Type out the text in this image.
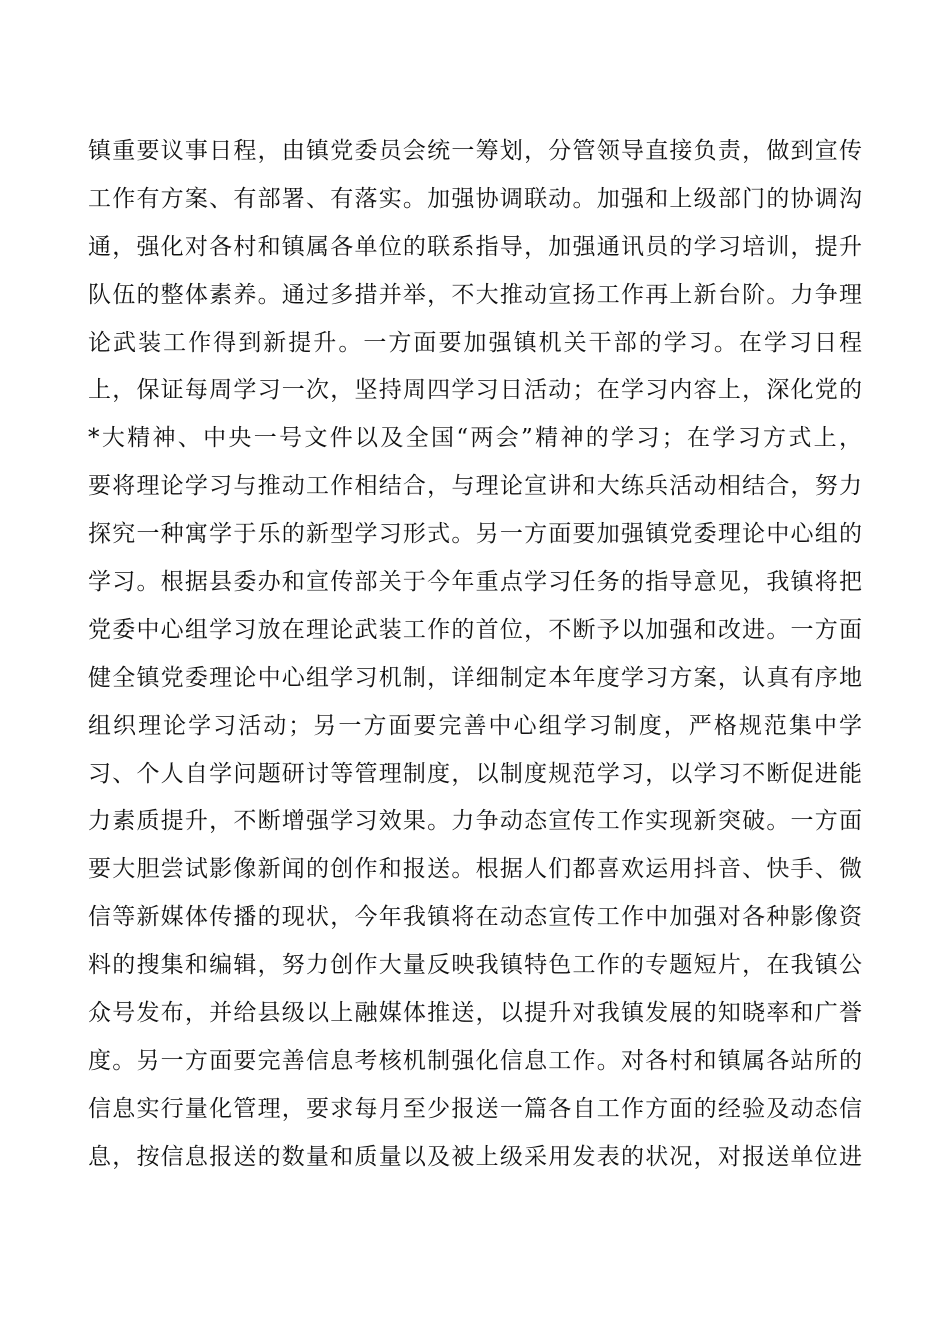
镇重要议事日程，由镇党委员会统一筹划，分管领导直接负责，做到宣传
工作有方案、有部署、有落实。加强协调联动。加强和上级部门的协调沟
通，强化对各村和镇属各单位的联系指导，加强通讯员的学习培训，提升
队伍的整体素养。通过多措并举，不大推动宣扬工作再上新台阶。力争理
论武装工作得到新提升。一方面要加强镇机关干部的学习。在学习日程
上，保证每周学习一次，坚持周四学习日活动；在学习内容上，深化党的
*大精神、中央一号文件以及全国“两会”精神的学习；在学习方式上，
要将理论学习与推动工作相结合，与理论宣讲和大练兵活动相结合，努力
探究一种寓学于乐的新型学习形式。另一方面要加强镇党委理论中心组的
学习。根据县委办和宣传部关于今年重点学习任务的指导意见，我镇将把
党委中心组学习放在理论武装工作的首位，不断予以加强和改进。一方面
健全镇党委理论中心组学习机制，详细制定本年度学习方案，认真有序地
组织理论学习活动；另一方面要完善中心组学习制度，严格规范集中学
习、个人自学问题研讨等管理制度，以制度规范学习，以学习不断促进能
力素质提升，不断增强学习效果。力争动态宣传工作实现新突破。一方面
要大胆尝试影像新闻的创作和报送。根据人们都喜欢运用抖音、快手、微
信等新媒体传播的现状，今年我镇将在动态宣传工作中加强对各种影像资
料的搜集和编辑，努力创作大量反映我镇特色工作的专题短片，在我镇公
众号发布，并给县级以上融媒体推送，以提升对我镇发展的知晓率和广誉
度。另一方面要完善信息考核机制强化信息工作。对各村和镇属各站所的
信息实行量化管理，要求每月至少报送一篇各自工作方面的经验及动态信
息，按信息报送的数量和质量以及被上级采用发表的状况，对报送单位进
